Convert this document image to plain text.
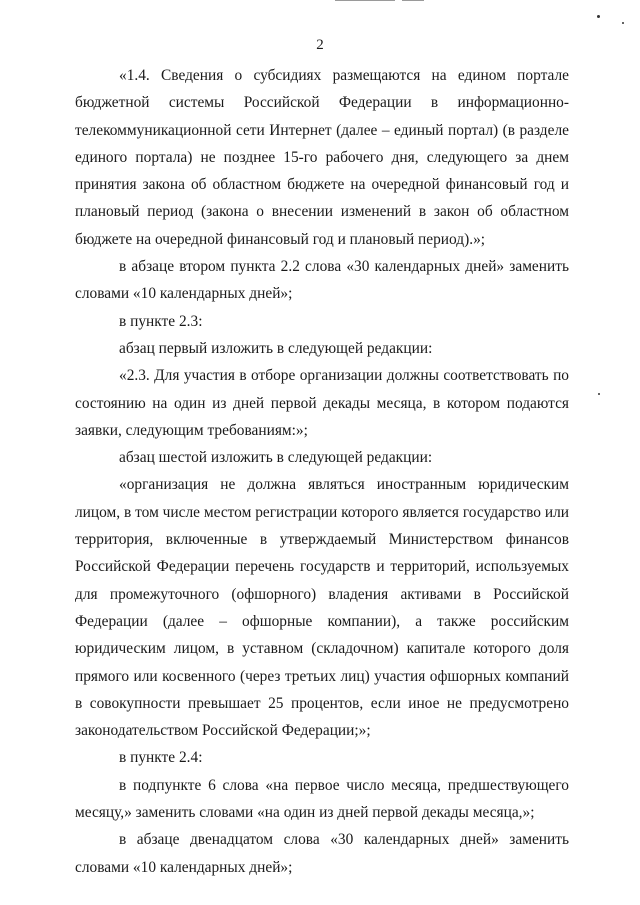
2

«1.4. Сведения о субсидиях размещаются на едином портале бюджетной системы Российской Федерации в информационно-телекоммуникационной сети Интернет (далее – единый портал) (в разделе единого портала) не позднее 15-го рабочего дня, следующего за днем принятия закона об областном бюджете на очередной финансовый год и плановый период (закона о внесении изменений в закон об областном бюджете на очередной финансовый год и плановый период).»;

в абзаце втором пункта 2.2 слова «30 календарных дней» заменить словами «10 календарных дней»;

в пункте 2.3:

абзац первый изложить в следующей редакции:

«2.3. Для участия в отборе организации должны соответствовать по состоянию на один из дней первой декады месяца, в котором подаются заявки, следующим требованиям:»;

абзац шестой изложить в следующей редакции:

«организация не должна являться иностранным юридическим лицом, в том числе местом регистрации которого является государство или территория, включенные в утверждаемый Министерством финансов Российской Федерации перечень государств и территорий, используемых для промежуточного (офшорного) владения активами в Российской Федерации (далее – офшорные компании), а также российским юридическим лицом, в уставном (складочном) капитале которого доля прямого или косвенного (через третьих лиц) участия офшорных компаний в совокупности превышает 25 процентов, если иное не предусмотрено законодательством Российской Федерации;»;

в пункте 2.4:

в подпункте 6 слова «на первое число месяца, предшествующего месяцу,» заменить словами «на один из дней первой декады месяца,»;

в абзаце двенадцатом слова «30 календарных дней» заменить словами «10 календарных дней»;
